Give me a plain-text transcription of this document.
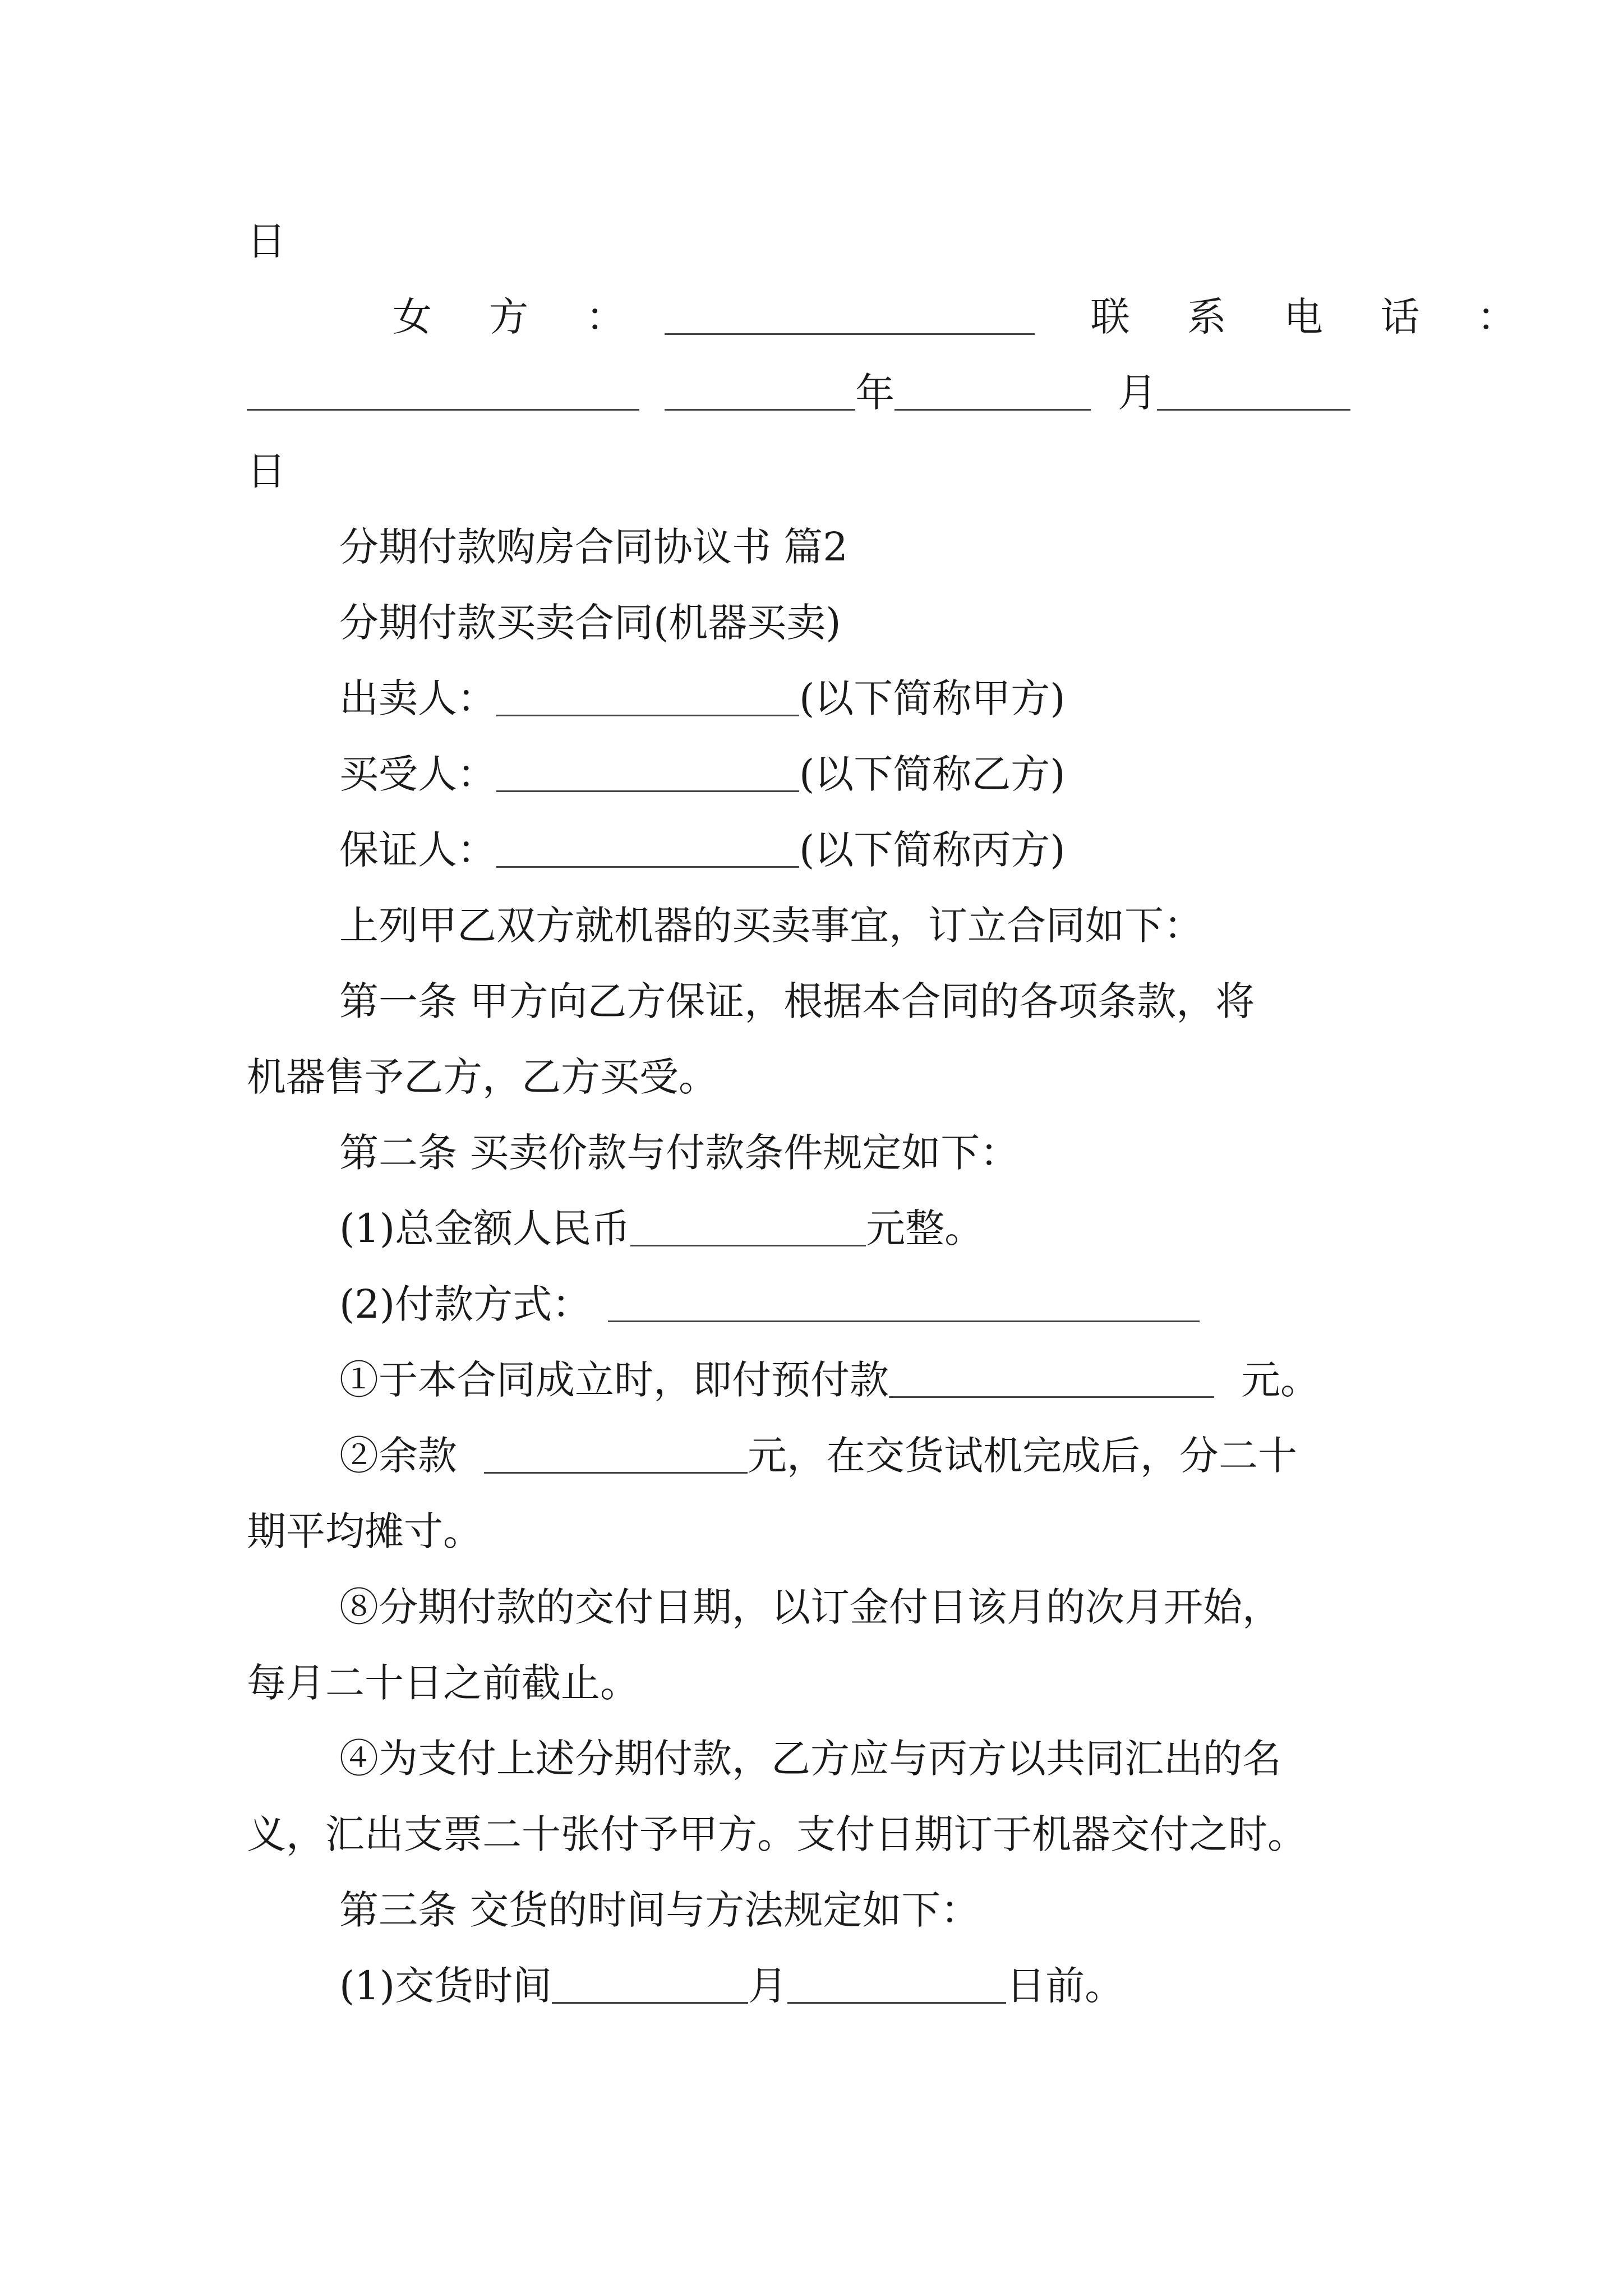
日
女 方 ：	联 系 电 话 ：
年	月
日
分期付款购房合同协议书 篇2
分期付款买卖合同(机器买卖)
出卖人：	(以下简称甲方)
买受人：	(以下简称乙方)
保证人：	(以下简称丙方)
上列甲乙双方就机器的买卖事宜，订立合同如下：
第一条 甲方向乙方保证，根据本合同的各项条款，将
机器售予乙方，乙方买受。
第二条 买卖价款与付款条件规定如下：
(1)总金额人民币	元整。
(2)付款方式：
①于本合同成立时，即付预付款	元。
②余款	元，在交货试机完成后，分二十
期平均摊寸。
⑧分期付款的交付日期，以订金付日该月的次月开始，
每月二十日之前截止。
④为支付上述分期付款，乙方应与丙方以共同汇出的名
义，汇出支票二十张付予甲方。支付日期订于机器交付之时。
第三条 交货的时间与方法规定如下：
(1)交货时间	月	日前。
